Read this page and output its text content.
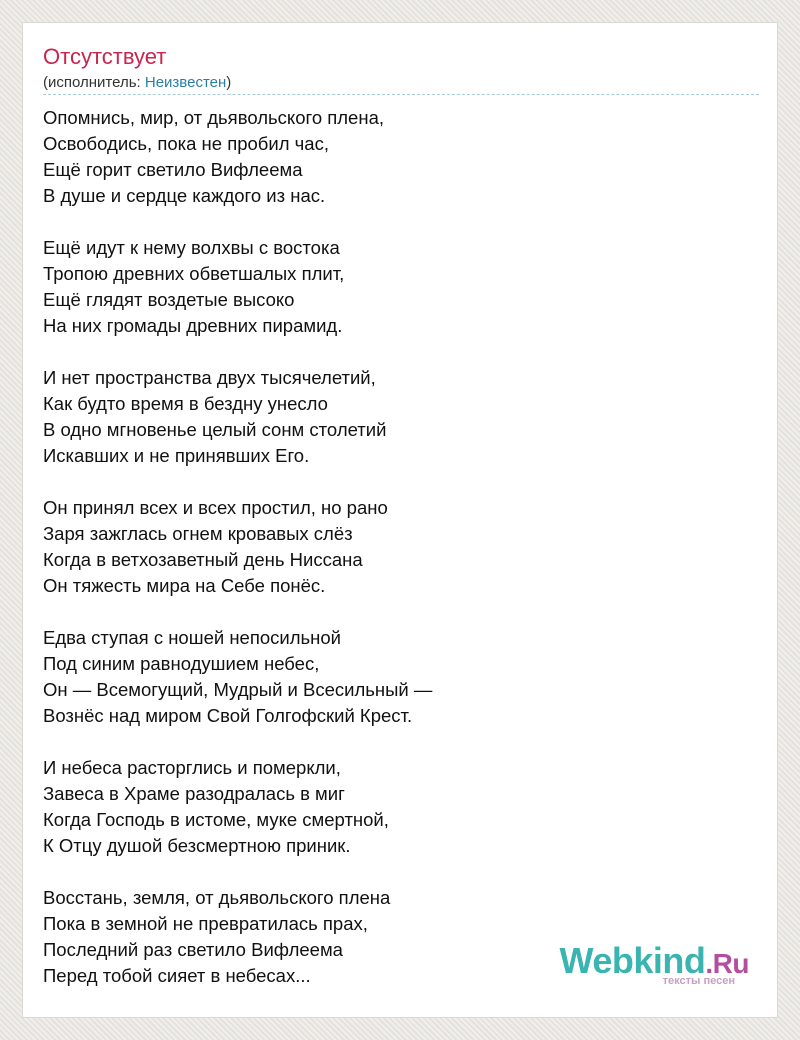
Отсутствует
(исполнитель: Неизвестен)
Опомнись, мир, от дьявольского плена,
Освободись, пока не пробил час,
Ещё горит светило Вифлеема
В душе и сердце каждого из нас.
Ещё идут к нему волхвы с востока
Тропою древних обветшалых плит,
Ещё глядят воздетые высоко
На них громады древних пирамид.
И нет пространства двух тысячелетий,
Как будто время в бездну унесло
В одно мгновенье целый сонм столетий
Искавших и не принявших Его.
Он принял всех и всех простил, но рано
Заря зажглась огнем кровавых слёз
Когда в ветхозаветный день Ниссана
Он тяжесть мира на Себе понёс.
Едва ступая с ношей непосильной
Под синим равнодушием небес,
Он — Всемогущий, Мудрый и Всесильный —
Вознёс над миром Свой Голгофский Крест.
И небеса расторглись и померкли,
Завеса в Храме разодралась в миг
Когда Господь в истоме, муке смертной,
К Отцу душой безсмертною приник.
Восстань, земля, от дьявольского плена
Пока в земной не превратилась прах,
Последний раз светило Вифлеема
Перед тобой сияет в небесах...	Webkind.Ru
тексты песен
